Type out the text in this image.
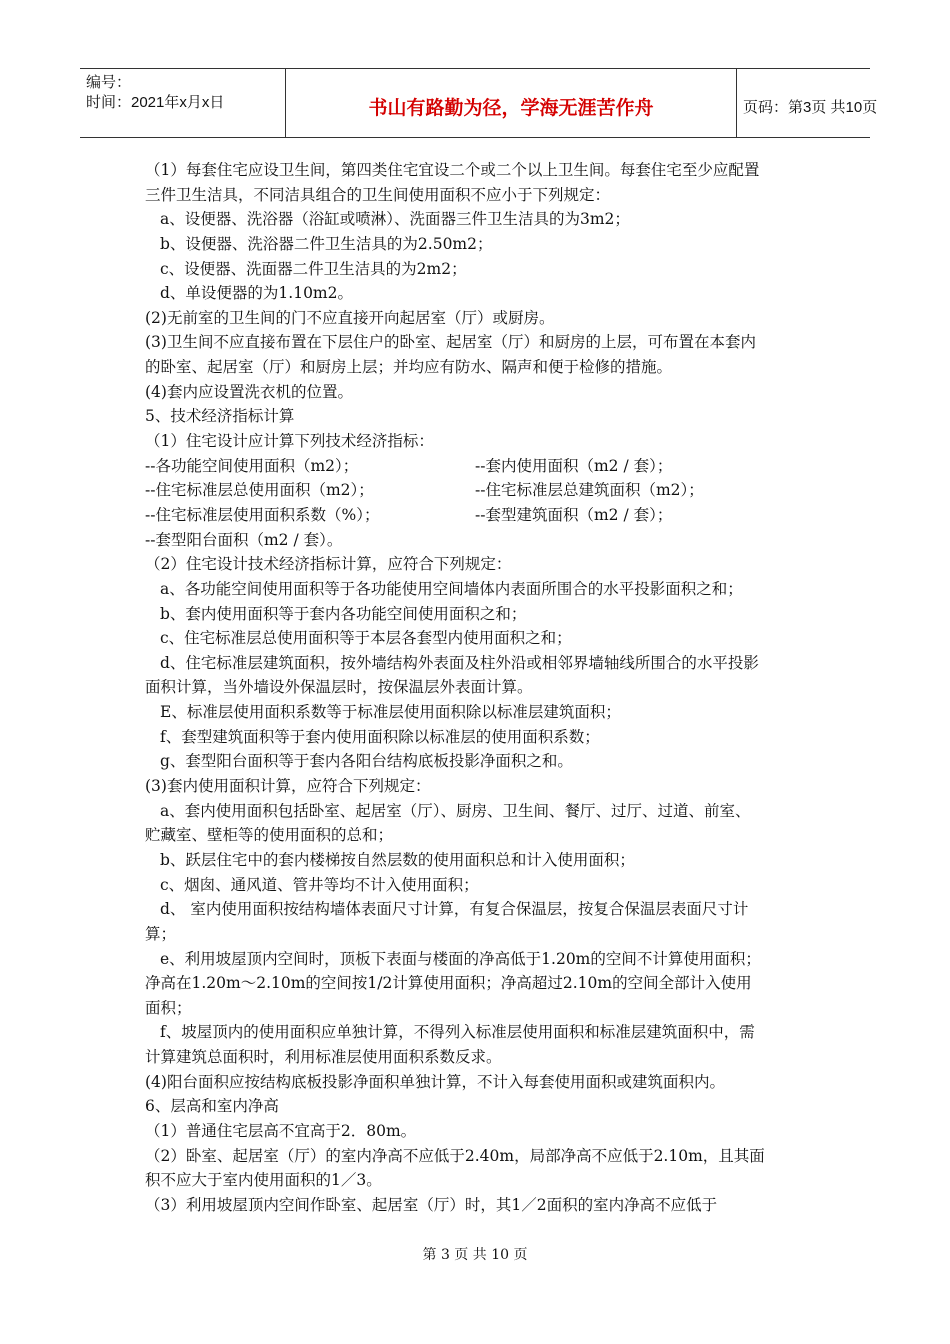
编号：
时间：2021年x月x日	书山有路勤为径，学海无涯苦作舟	页码：第3页 共10页
（1）每套住宅应设卫生间，第四类住宅宜设二个或二个以上卫生间。每套住宅至少应配置
三件卫生洁具，不同洁具组合的卫生间使用面积不应小于下列规定：
a、设便器、洗浴器（浴缸或喷淋）、洗面器三件卫生洁具的为3m2；
b、设便器、洗浴器二件卫生洁具的为2.50m2；
c、设便器、洗面器二件卫生洁具的为2m2；
d、单设便器的为1.10m2。
(2)无前室的卫生间的门不应直接开向起居室（厅）或厨房。
(3)卫生间不应直接布置在下层住户的卧室、起居室（厅）和厨房的上层，可布置在本套内
的卧室、起居室（厅）和厨房上层；并均应有防水、隔声和便于检修的措施。
(4)套内应设置洗衣机的位置。
5、技术经济指标计算
（1）住宅设计应计算下列技术经济指标：
--各功能空间使用面积（m2）；	--套内使用面积（m2 / 套）；
--住宅标准层总使用面积（m2）；	--住宅标准层总建筑面积（m2）；
--住宅标准层使用面积系数（%）；	--套型建筑面积（m2 / 套）；
--套型阳台面积（m2 / 套）。
（2）住宅设计技术经济指标计算，应符合下列规定：
a、各功能空间使用面积等于各功能使用空间墙体内表面所围合的水平投影面积之和；
b、套内使用面积等于套内各功能空间使用面积之和；
c、住宅标准层总使用面积等于本层各套型内使用面积之和；
d、住宅标准层建筑面积，按外墙结构外表面及柱外沿或相邻界墙轴线所围合的水平投影
面积计算，当外墙设外保温层时，按保温层外表面计算。
E、标准层使用面积系数等于标准层使用面积除以标准层建筑面积；
f、套型建筑面积等于套内使用面积除以标准层的使用面积系数；
g、套型阳台面积等于套内各阳台结构底板投影净面积之和。
(3)套内使用面积计算，应符合下列规定：
a、套内使用面积包括卧室、起居室（厅）、厨房、卫生间、餐厅、过厅、过道、前室、
贮藏室、壁柜等的使用面积的总和；
b、跃层住宅中的套内楼梯按自然层数的使用面积总和计入使用面积；
c、烟囱、通风道、管井等均不计入使用面积；
d、 室内使用面积按结构墙体表面尺寸计算，有复合保温层，按复合保温层表面尺寸计
算；
e、利用坡屋顶内空间时，顶板下表面与楼面的净高低于1.20m的空间不计算使用面积；
净高在1.20m～2.10m的空间按1/2计算使用面积；净高超过2.10m的空间全部计入使用
面积；
f、坡屋顶内的使用面积应单独计算，不得列入标准层使用面积和标准层建筑面积中，需
计算建筑总面积时，利用标准层使用面积系数反求。
(4)阳台面积应按结构底板投影净面积单独计算，不计入每套使用面积或建筑面积内。
6、层高和室内净高
（1）普通住宅层高不宜高于2．80m。
（2）卧室、起居室（厅）的室内净高不应低于2.40m，局部净高不应低于2.10m，且其面
积不应大于室内使用面积的1／3。
（3）利用坡屋顶内空间作卧室、起居室（厅）时，其1／2面积的室内净高不应低于
第 3 页 共 10 页
